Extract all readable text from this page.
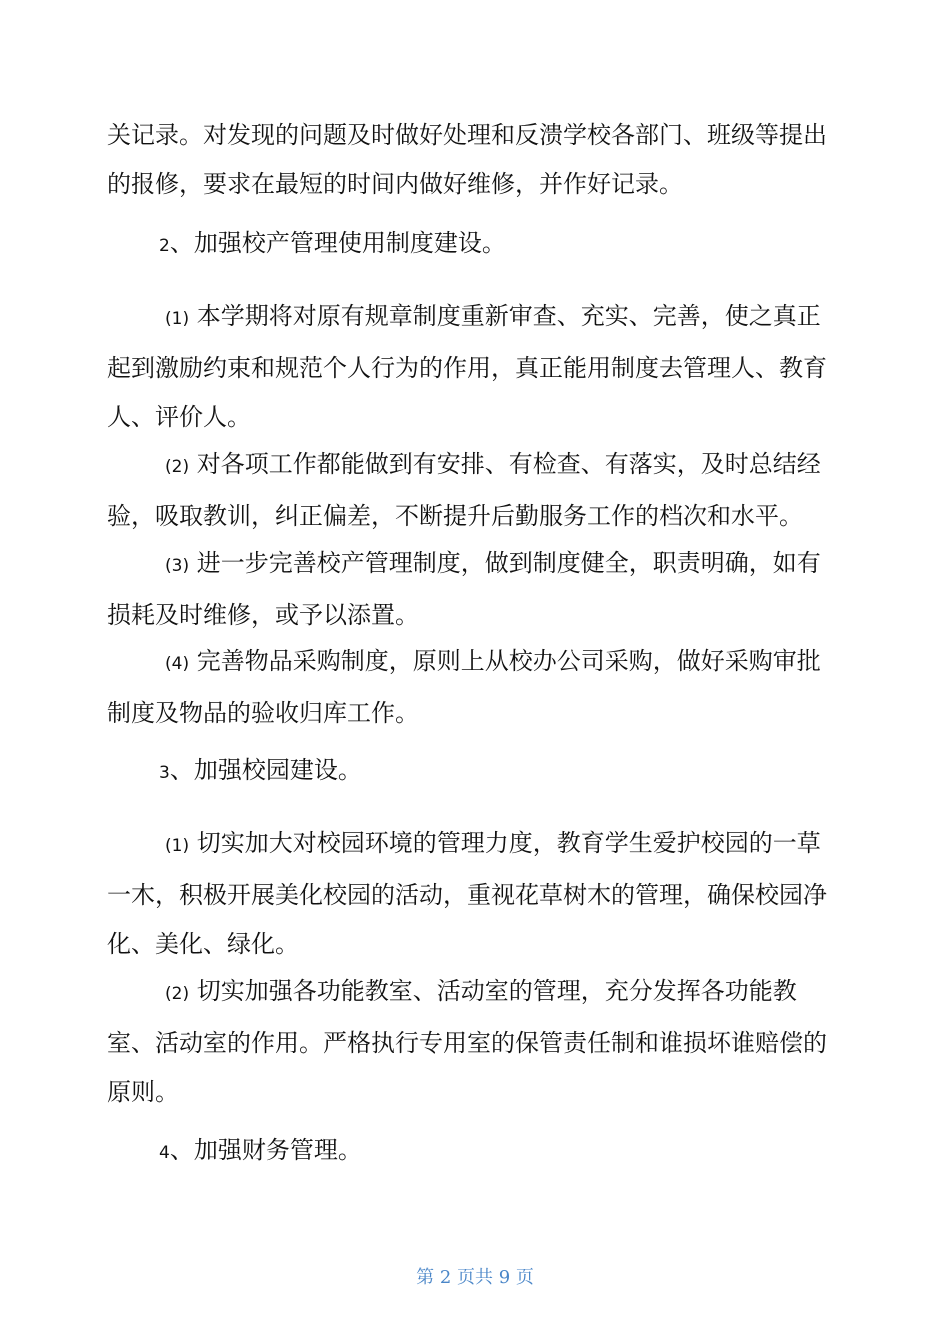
关记录。对发现的问题及时做好处理和反溃学校各部门、班级等提出的报修，要求在最短的时间内做好维修，并作好记录。

2、加强校产管理使用制度建设。

(1) 本学期将对原有规章制度重新审查、充实、完善，使之真正起到激励约束和规范个人行为的作用，真正能用制度去管理人、教育人、评价人。

(2) 对各项工作都能做到有安排、有检查、有落实，及时总结经验，吸取教训，纠正偏差，不断提升后勤服务工作的档次和水平。

(3) 进一步完善校产管理制度，做到制度健全，职责明确，如有损耗及时维修，或予以添置。

(4) 完善物品采购制度，原则上从校办公司采购，做好采购审批制度及物品的验收归库工作。

3、加强校园建设。

(1) 切实加大对校园环境的管理力度，教育学生爱护校园的一草一木，积极开展美化校园的活动，重视花草树木的管理，确保校园净化、美化、绿化。

(2) 切实加强各功能教室、活动室的管理，充分发挥各功能教室、活动室的作用。严格执行专用室的保管责任制和谁损坏谁赔偿的原则。

4、加强财务管理。

第 2 页共 9 页
